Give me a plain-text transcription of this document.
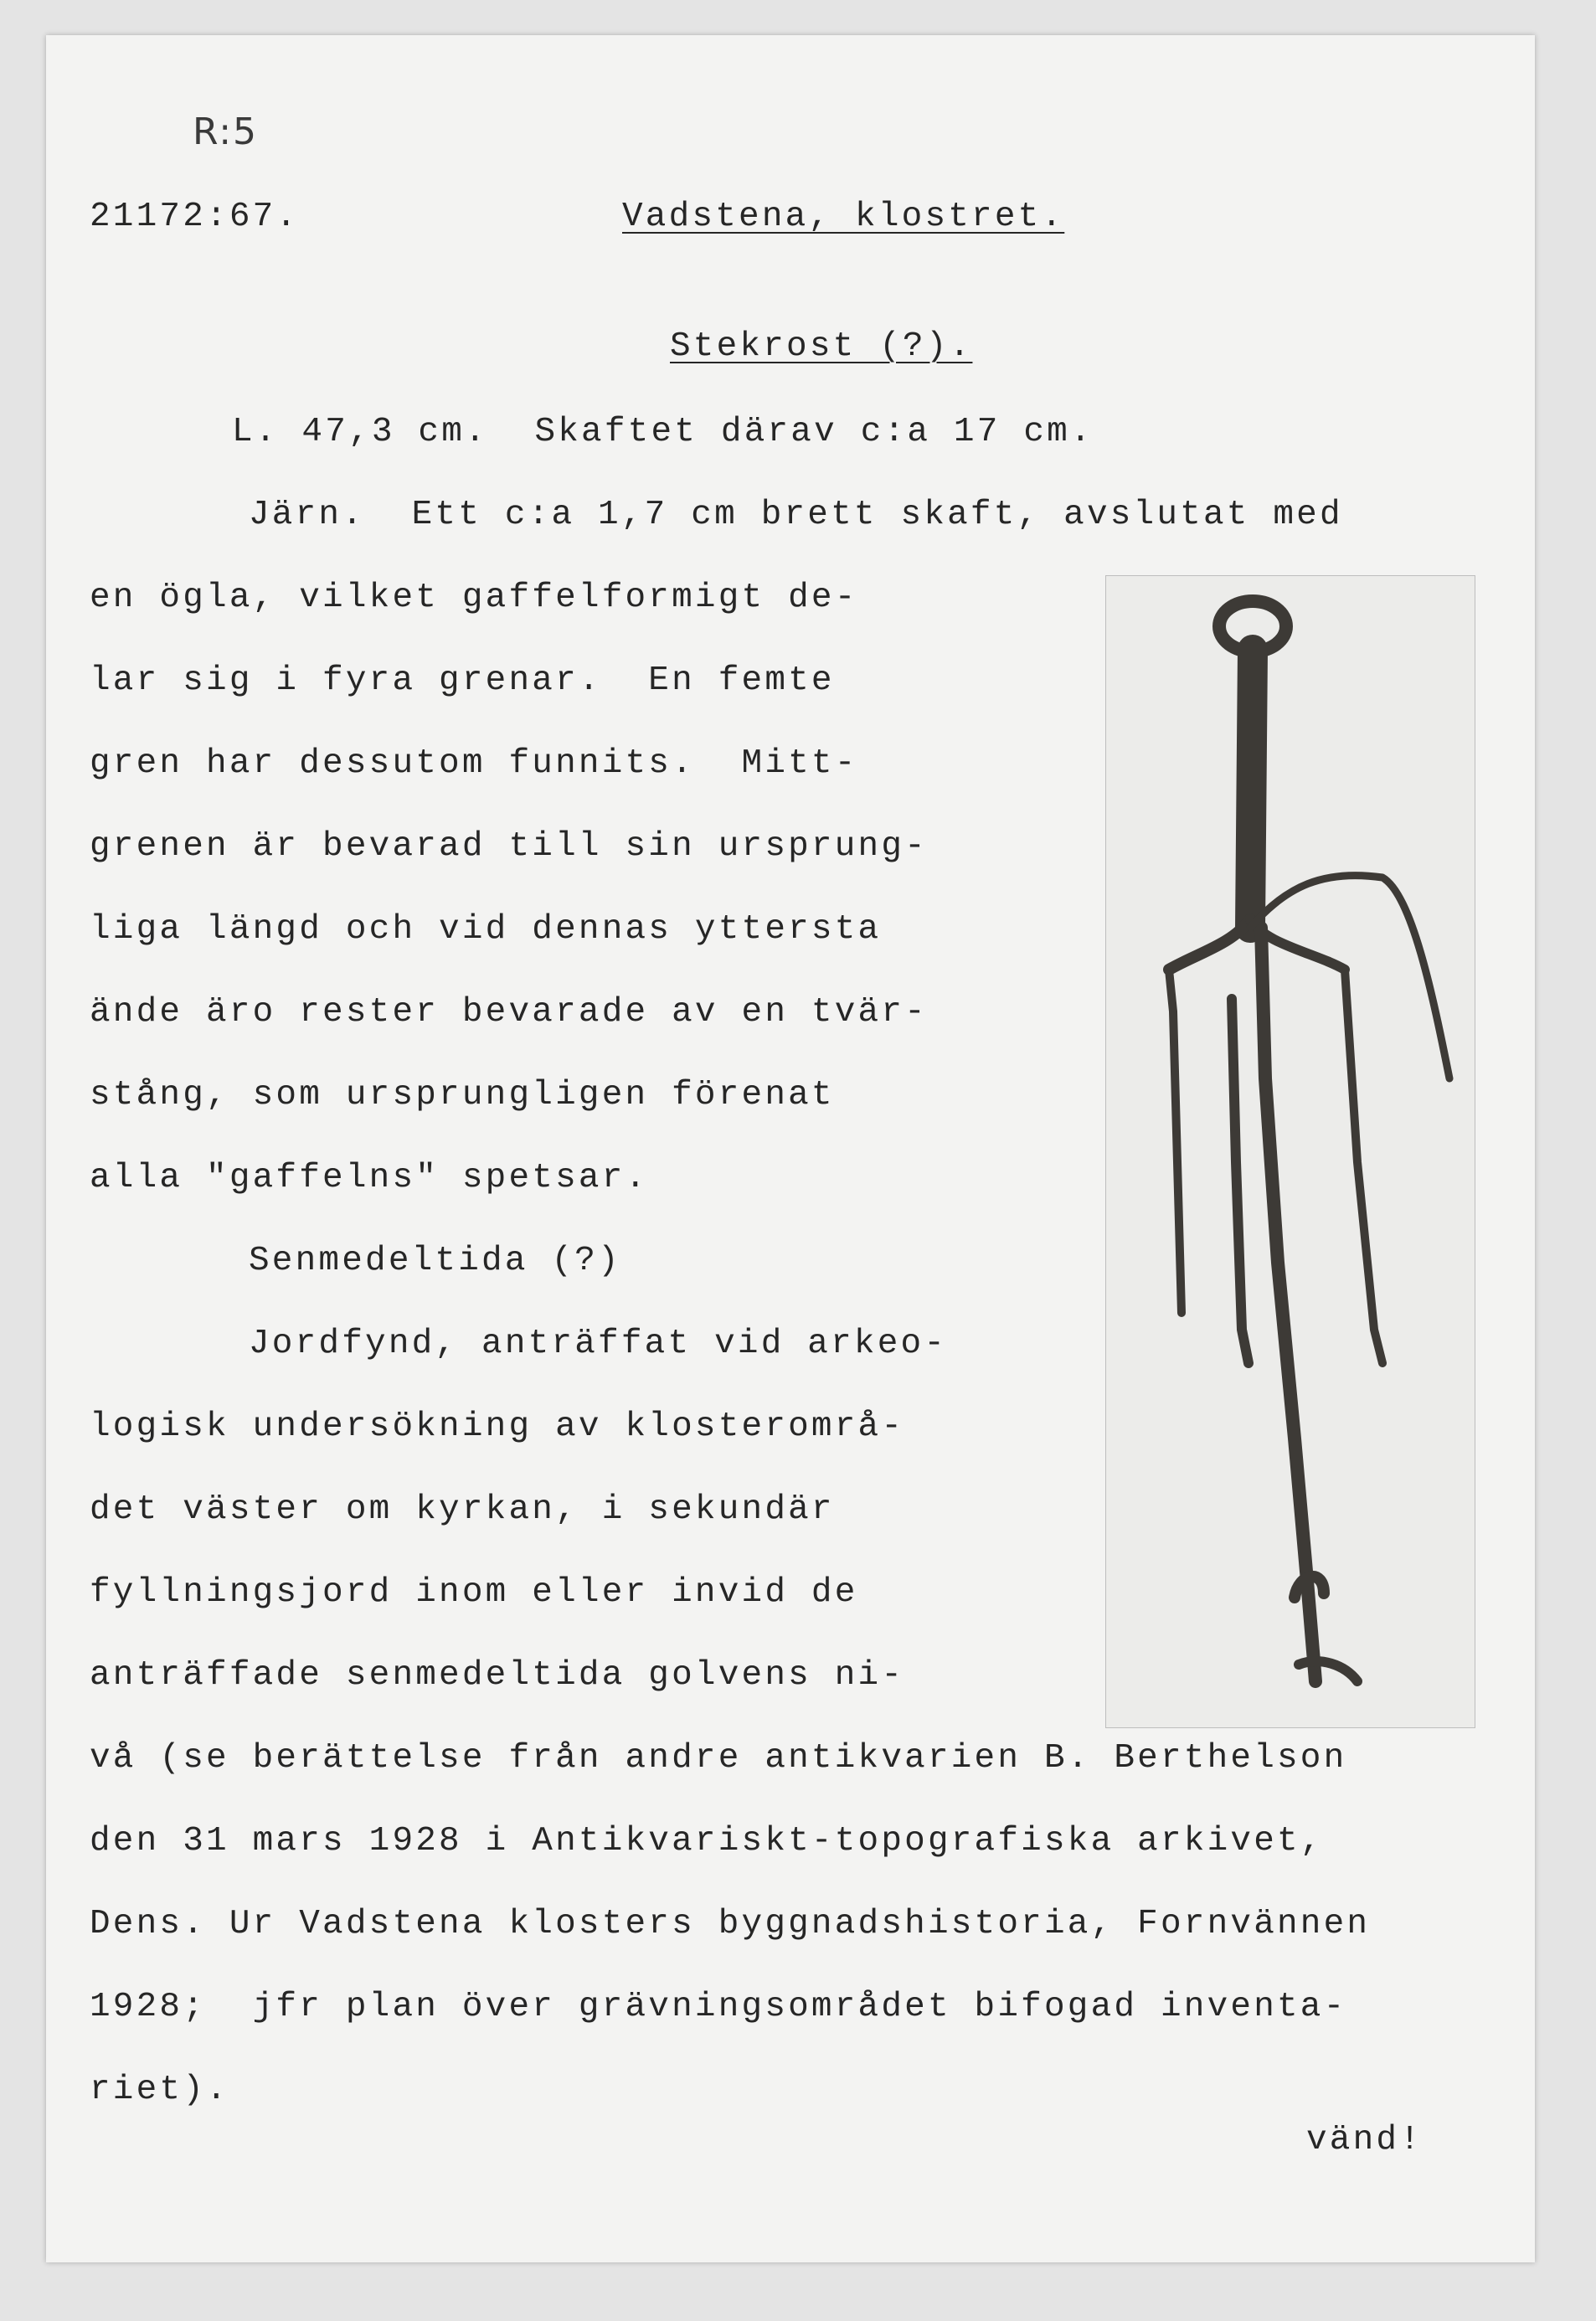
R:5
21172:67.	Vadstena, klostret.
Stekrost (?).
L. 47,3 cm.  Skaftet därav c:a 17 cm.
Järn.  Ett c:a 1,7 cm brett skaft, avslutat med
en ögla, vilket gaffelformigt de-
lar sig i fyra grenar.  En femte
gren har dessutom funnits.  Mitt-
grenen är bevarad till sin ursprung-
liga längd och vid dennas yttersta
ände äro rester bevarade av en tvär-
stång, som ursprungligen förenat
alla "gaffelns" spetsar.
Senmedeltida (?)
Jordfynd, anträffat vid arkeo-
logisk undersökning av klosterområ-
det väster om kyrkan, i sekundär
fyllningsjord inom eller invid de
anträffade senmedeltida golvens ni-
vå (se berättelse från andre antikvarien B. Berthelson
den 31 mars 1928 i Antikvariskt-topografiska arkivet,
Dens. Ur Vadstena klosters byggnadshistoria, Fornvännen
1928;  jfr plan över grävningsområdet bifogad inventa-
riet).
vänd!
